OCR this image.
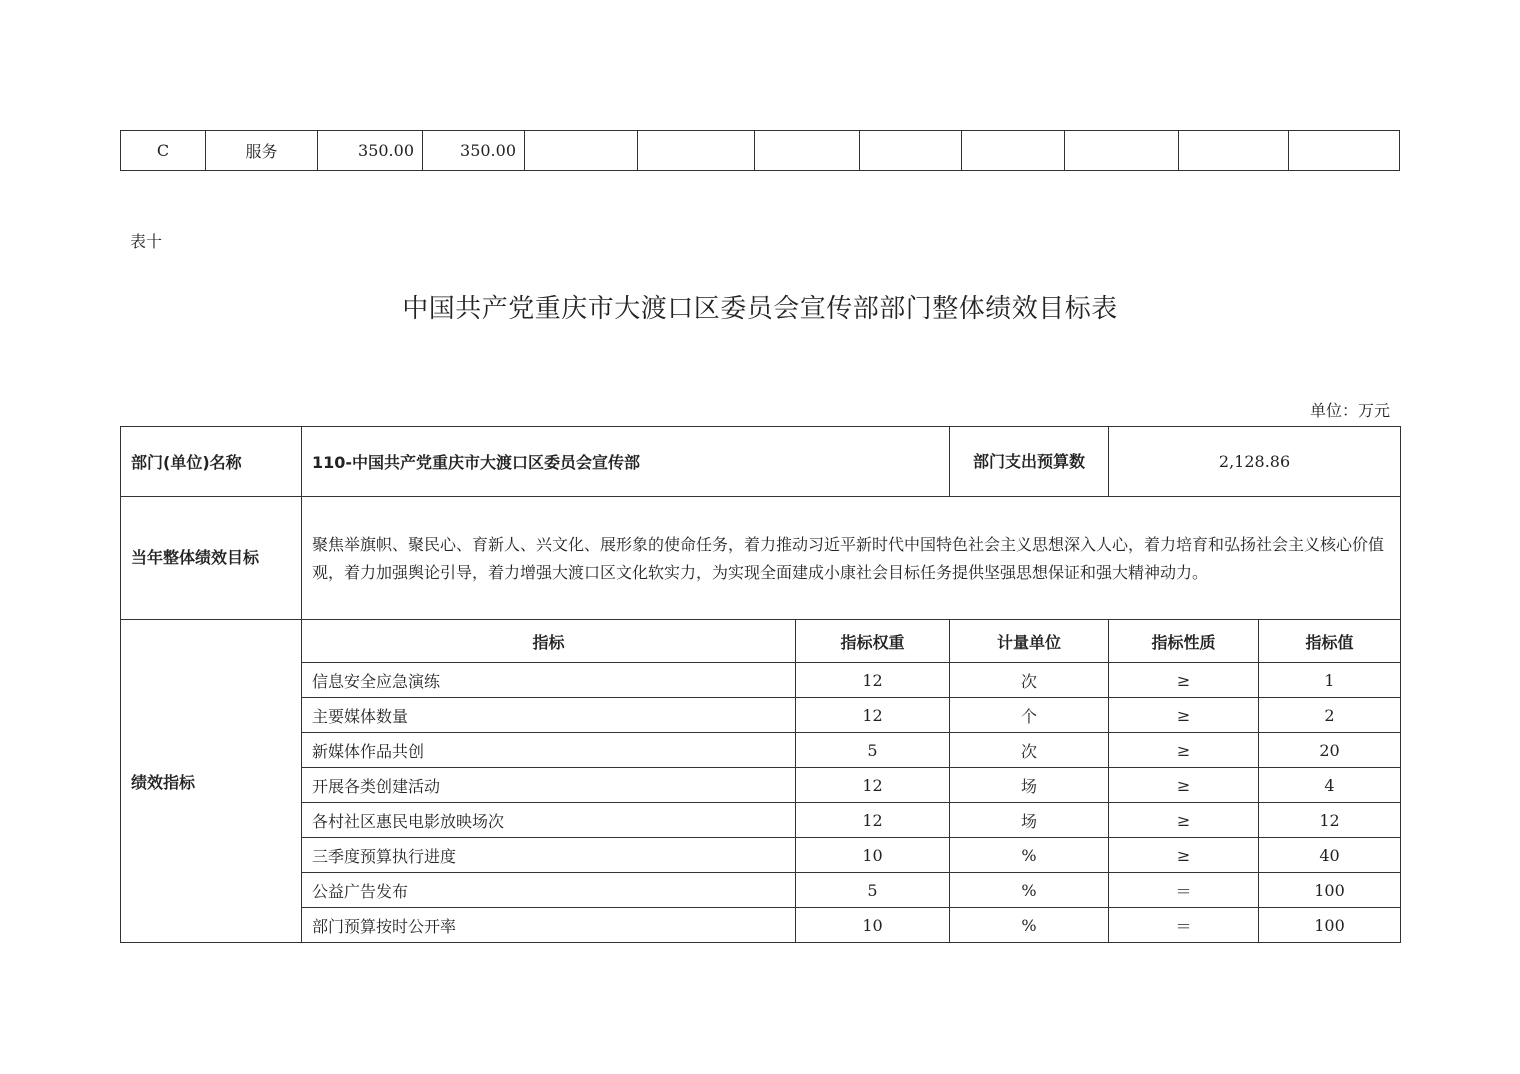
C	服务	350.00	350.00								
表十
中国共产党重庆市大渡口区委员会宣传部部门整体绩效目标表
单位：万元
部门(单位)名称	110-中国共产党重庆市大渡口区委员会宣传部		部门支出预算数	2,128.86	
当年整体绩效目标	聚焦举旗帜、聚民心、育新人、兴文化、展形象的使命任务，着力推动习近平新时代中国特色社会主义思想深入人心，着力培育和弘扬社会主义核心价值观，着力加强舆论引导，着力增强大渡口区文化软实力，为实现全面建成小康社会目标任务提供坚强思想保证和强大精神动力。				
绩效指标	指标	指标权重	计量单位	指标性质	指标值
	信息安全应急演练	12	次	≥	1
	主要媒体数量	12	个	≥	2
	新媒体作品共创	5	次	≥	20
	开展各类创建活动	12	场	≥	4
	各村社区惠民电影放映场次	12	场	≥	12
	三季度预算执行进度	10	%	≥	40
	公益广告发布	5	%	＝	100
	部门预算按时公开率	10	%	＝	100
